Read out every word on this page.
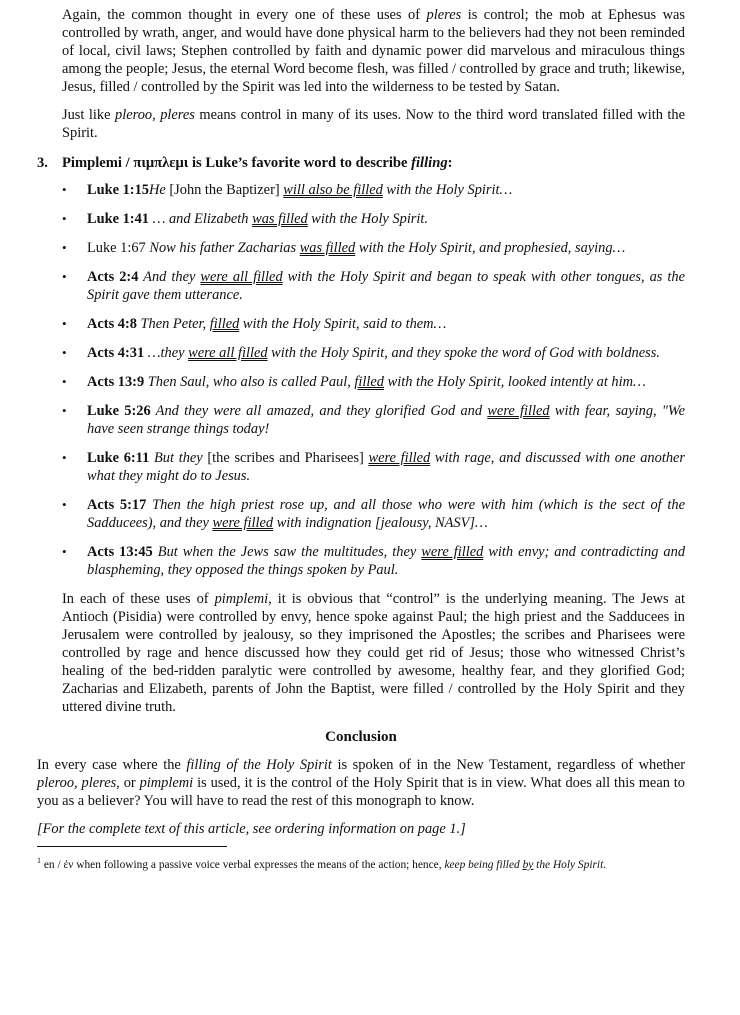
Again, the common thought in every one of these uses of pleres is control; the mob at Ephesus was controlled by wrath, anger, and would have done physical harm to the believers had they not been reminded of local, civil laws; Stephen controlled by faith and dynamic power did marvelous and miraculous things among the people; Jesus, the eternal Word become flesh, was filled / controlled by grace and truth; likewise, Jesus, filled / controlled by the Spirit was led into the wilderness to be tested by Satan.

Just like pleroo, pleres means control in many of its uses. Now to the third word translated filled with the Spirit.

3. Pimplemi / πιμπλεμι is Luke’s favorite word to describe filling:
•	Luke 1:15He [John the Baptizer] will also be filled with the Holy Spirit…
•	Luke 1:41 … and Elizabeth was filled with the Holy Spirit.
•	Luke 1:67 Now his father Zacharias was filled with the Holy Spirit, and prophesied, saying…
•	Acts 2:4 And they were all filled with the Holy Spirit and began to speak with other tongues, as the Spirit gave them utterance.
•	Acts 4:8 Then Peter, filled with the Holy Spirit, said to them…
•	Acts 4:31 …they were all filled with the Holy Spirit, and they spoke the word of God with boldness.
•	Acts 13:9 Then Saul, who also is called Paul, filled with the Holy Spirit, looked intently at him…
•	Luke 5:26 And they were all amazed, and they glorified God and were filled with fear, saying, "We have seen strange things today!
•	Luke 6:11 But they [the scribes and Pharisees] were filled with rage, and discussed with one another what they might do to Jesus.
•	Acts 5:17 Then the high priest rose up, and all those who were with him (which is the sect of the Sadducees), and they were filled with indignation [jealousy, NASV]…
•	Acts 13:45 But when the Jews saw the multitudes, they were filled with envy; and contradicting and blaspheming, they opposed the things spoken by Paul.

In each of these uses of pimplemi, it is obvious that “control” is the underlying meaning. The Jews at Antioch (Pisidia) were controlled by envy, hence spoke against Paul; the high priest and the Sadducees in Jerusalem were controlled by jealousy, so they imprisoned the Apostles; the scribes and Pharisees were controlled by rage and hence discussed how they could get rid of Jesus; those who witnessed Christ’s healing of the bed-ridden paralytic were controlled by awesome, healthy fear, and they glorified God; Zacharias and Elizabeth, parents of John the Baptist, were filled / controlled by the Holy Spirit and they uttered divine truth.

Conclusion

In every case where the filling of the Holy Spirit is spoken of in the New Testament, regardless of whether pleroo, pleres, or pimplemi is used, it is the control of the Holy Spirit that is in view. What does all this mean to you as a believer? You will have to read the rest of this monograph to know.

[For the complete text of this article, see ordering information on page 1.]

$^1$ en / ἐν when following a passive voice verbal expresses the means of the action; hence, keep being filled by the Holy Spirit.
